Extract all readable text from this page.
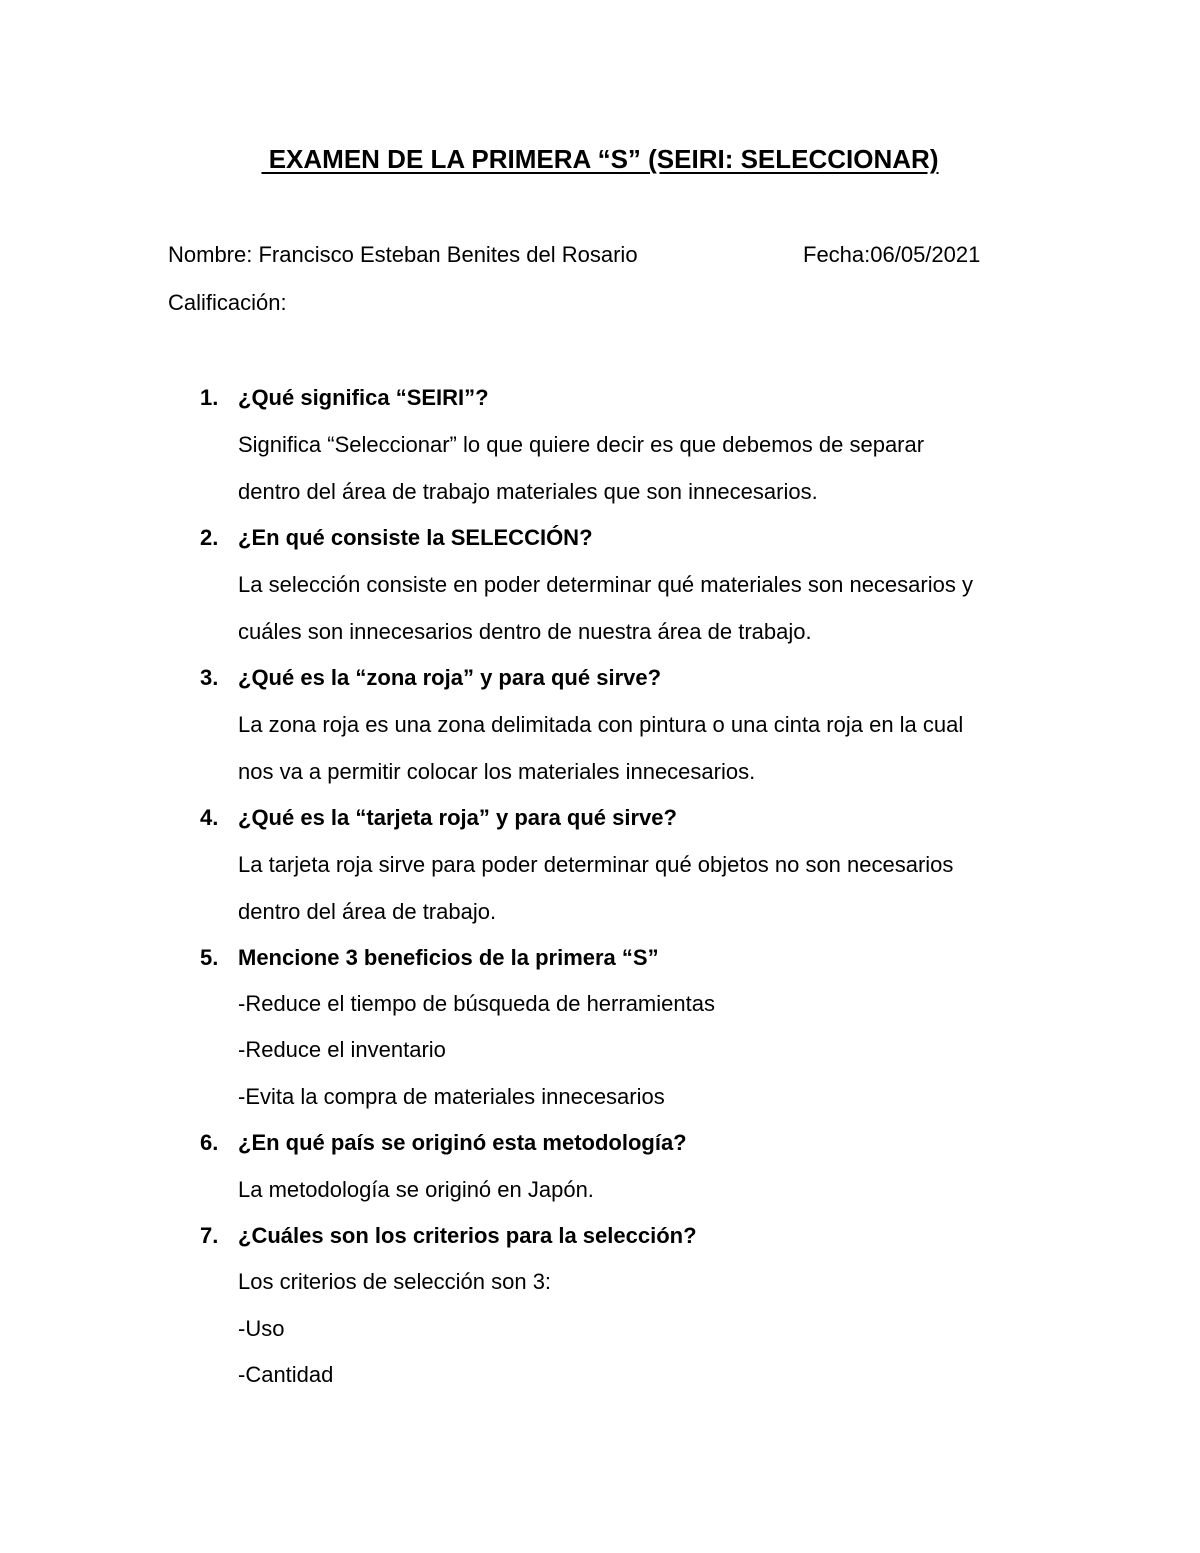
EXAMEN DE LA PRIMERA “S” (SEIRI: SELECCIONAR)
Nombre: Francisco Esteban Benites del Rosario	Fecha:06/05/2021
Calificación:
1. ¿Qué significa “SEIRI”?
Significa “Seleccionar” lo que quiere decir es que debemos de separar
dentro del área de trabajo materiales que son innecesarios.
2. ¿En qué consiste la SELECCIÓN?
La selección consiste en poder determinar qué materiales son necesarios y
cuáles son innecesarios dentro de nuestra área de trabajo.
3. ¿Qué es la “zona roja” y para qué sirve?
La zona roja es una zona delimitada con pintura o una cinta roja en la cual
nos va a permitir colocar los materiales innecesarios.
4. ¿Qué es la “tarjeta roja” y para qué sirve?
La tarjeta roja sirve para poder determinar qué objetos no son necesarios
dentro del área de trabajo.
5. Mencione 3 beneficios de la primera “S”
-Reduce el tiempo de búsqueda de herramientas
-Reduce el inventario
-Evita la compra de materiales innecesarios
6. ¿En qué país se originó esta metodología?
La metodología se originó en Japón.
7. ¿Cuáles son los criterios para la selección?
Los criterios de selección son 3:
-Uso
-Cantidad
